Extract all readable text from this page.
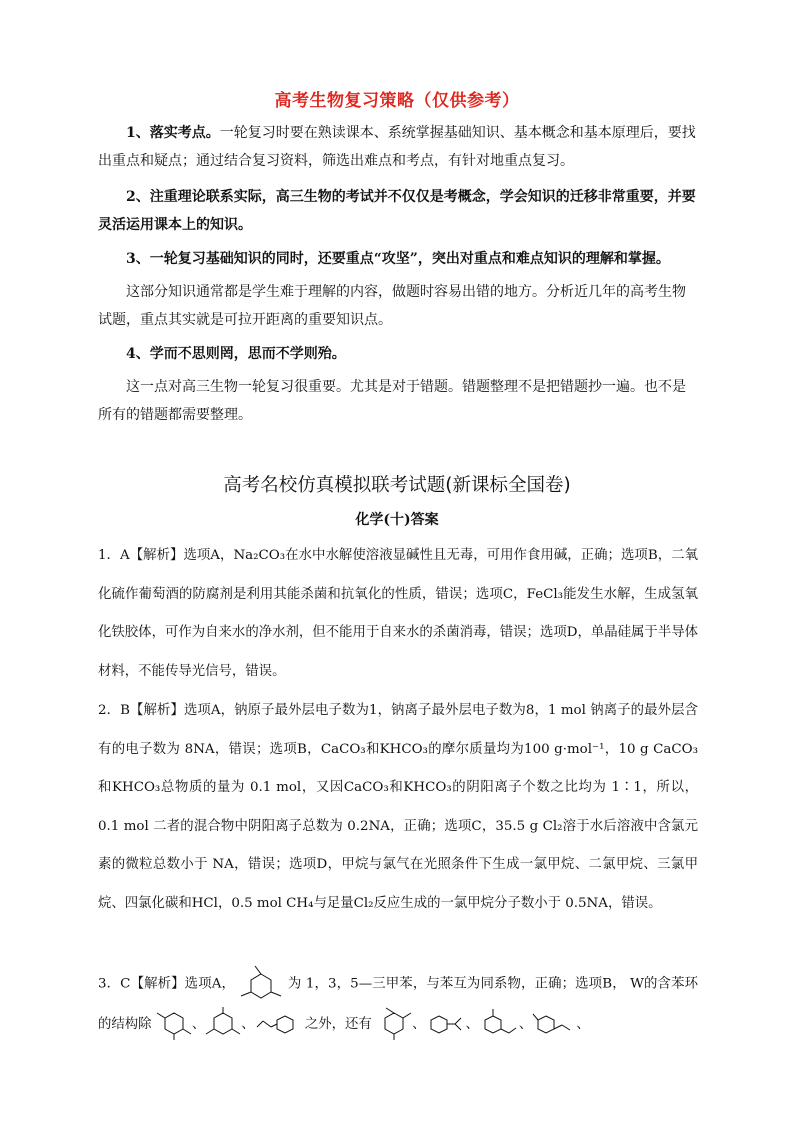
高考生物复习策略（仅供参考）

1、落实考点。一轮复习时要在熟读课本、系统掌握基础知识、基本概念和基本原理后，要找出重点和疑点；通过结合复习资料，筛选出难点和考点，有针对地重点复习。

2、注重理论联系实际，高三生物的考试并不仅仅是考概念，学会知识的迁移非常重要，并要灵活运用课本上的知识。

3、一轮复习基础知识的同时，还要重点“攻坚”，突出对重点和难点知识的理解和掌握。

这部分知识通常都是学生难于理解的内容，做题时容易出错的地方。分析近几年的高考生物试题，重点其实就是可拉开距离的重要知识点。

4、学而不思则罔，思而不学则殆。

这一点对高三生物一轮复习很重要。尤其是对于错题。错题整理不是把错题抄一遍。也不是所有的错题都需要整理。

高考名校仿真模拟联考试题(新课标全国卷)
化学(十)答案

1．A【解析】选项A，Na₂CO₃在水中水解使溶液显碱性且无毒，可用作食用碱，正确；选项B，二氧化硫作葡萄酒的防腐剂是利用其能杀菌和抗氧化的性质，错误；选项C，FeCl₃能发生水解，生成氢氧化铁胶体，可作为自来水的净水剂，但不能用于自来水的杀菌消毒，错误；选项D，单晶硅属于半导体材料，不能传导光信号，错误。

2．B【解析】选项A，钠原子最外层电子数为1，钠离子最外层电子数为8，1 mol 钠离子的最外层含有的电子数为 8NA，错误；选项B，CaCO₃和KHCO₃的摩尔质量均为100 g·mol⁻¹，10 g CaCO₃和KHCO₃总物质的量为 0.1 mol，又因CaCO₃和KHCO₃的阴阳离子个数之比均为 1∶1，所以，0.1 mol 二者的混合物中阴阳离子总数为 0.2NA，正确；选项C，35.5 g Cl₂溶于水后溶液中含氯元素的微粒总数小于 NA，错误；选项D，甲烷与氯气在光照条件下生成一氯甲烷、二氯甲烷、三氯甲烷、四氯化碳和HCl，0.5 mol CH₄与足量Cl₂反应生成的一氯甲烷分子数小于 0.5NA，错误。

3．C【解析】选项A，	为 1，3，5—三甲苯，与苯互为同系物，正确；选项B， W的含苯环的结构除	、	、	之外，还有	、	、	、	、
